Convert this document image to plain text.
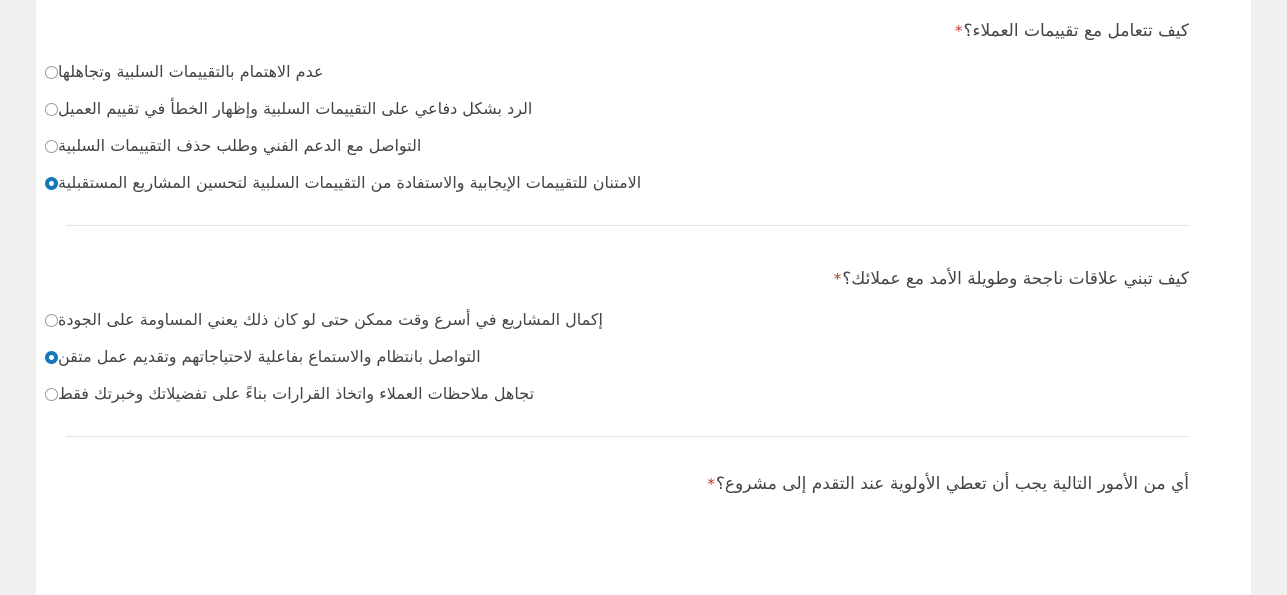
كيف تتعامل مع تقييمات العملاء؟*
عدم الاهتمام بالتقييمات السلبية وتجاهلها
الرد بشكل دفاعي على التقييمات السلبية وإظهار الخطأ في تقييم العميل
التواصل مع الدعم الفني وطلب حذف التقييمات السلبية
الامتنان للتقييمات الإيجابية والاستفادة من التقييمات السلبية لتحسين المشاريع المستقبلية
كيف تبني علاقات ناجحة وطويلة الأمد مع عملائك؟*
إكمال المشاريع في أسرع وقت ممكن حتى لو كان ذلك يعني المساومة على الجودة
التواصل بانتظام والاستماع بفاعلية لاحتياجاتهم وتقديم عمل متقن
تجاهل ملاحظات العملاء واتخاذ القرارات بناءً على تفضيلاتك وخبرتك فقط
أي من الأمور التالية يجب أن تعطي الأولوية عند التقدم إلى مشروع؟*
